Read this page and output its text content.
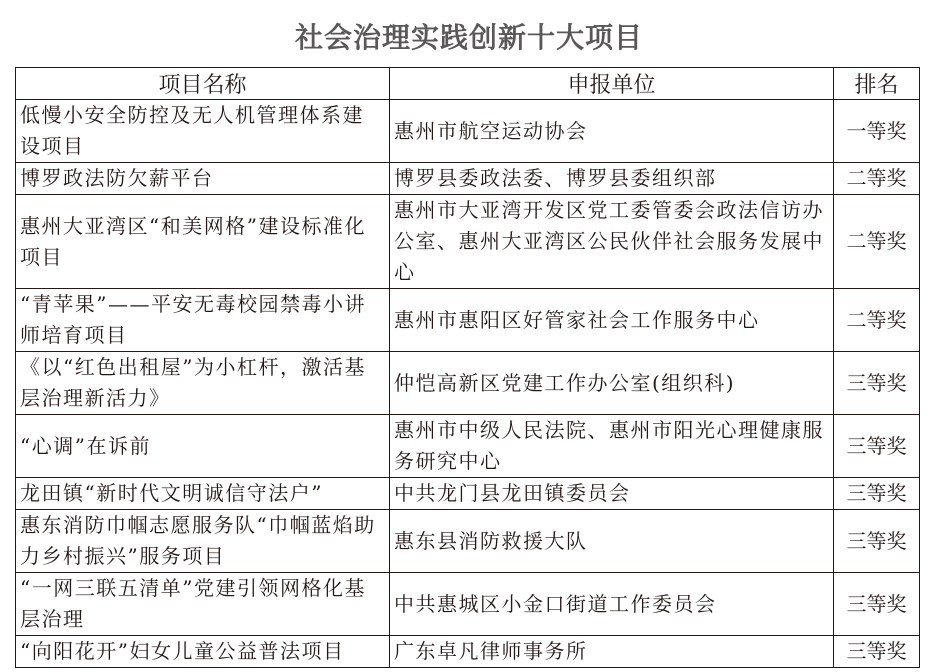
社会治理实践创新十大项目
项目名称	申报单位	排名
低慢小安全防控及无人机管理体系建设项目	惠州市航空运动协会	一等奖
博罗政法防欠薪平台	博罗县委政法委、博罗县委组织部	二等奖
惠州大亚湾区“和美网格”建设标准化项目	惠州市大亚湾开发区党工委管委会政法信访办公室、惠州大亚湾区公民伙伴社会服务发展中心	二等奖
“青苹果”——平安无毒校园禁毒小讲师培育项目	惠州市惠阳区好管家社会工作服务中心	二等奖
《以“红色出租屋”为小杠杆，激活基层治理新活力》	仲恺高新区党建工作办公室(组织科)	三等奖
“心调”在诉前	惠州市中级人民法院、惠州市阳光心理健康服务研究中心	三等奖
龙田镇“新时代文明诚信守法户”	中共龙门县龙田镇委员会	三等奖
惠东消防巾帼志愿服务队“巾帼蓝焰助力乡村振兴”服务项目	惠东县消防救援大队	三等奖
“一网三联五清单”党建引领网格化基层治理	中共惠城区小金口街道工作委员会	三等奖
“向阳花开”妇女儿童公益普法项目	广东卓凡律师事务所	三等奖
